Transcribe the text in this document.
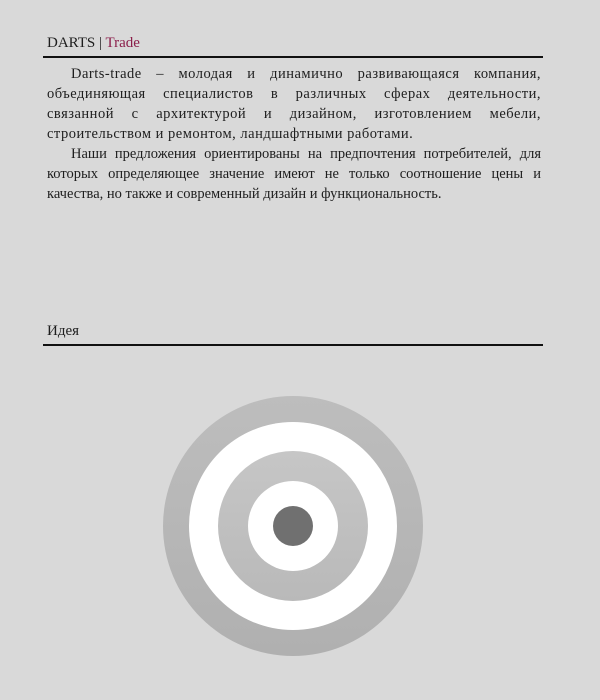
DARTS | Trade

Darts-trade – молодая и динамично развивающаяся компания, объединяющая специалистов в различных сферах деятельности, связанной с архитектурой и дизайном, изготовлением мебели, строительством и ремонтом, ландшафтными работами.

Наши предложения ориентированы на предпочтения потребителей, для которых определяющее значение имеют не только соотношение цены и качества, но также и современный дизайн и функциональность.

Идея
